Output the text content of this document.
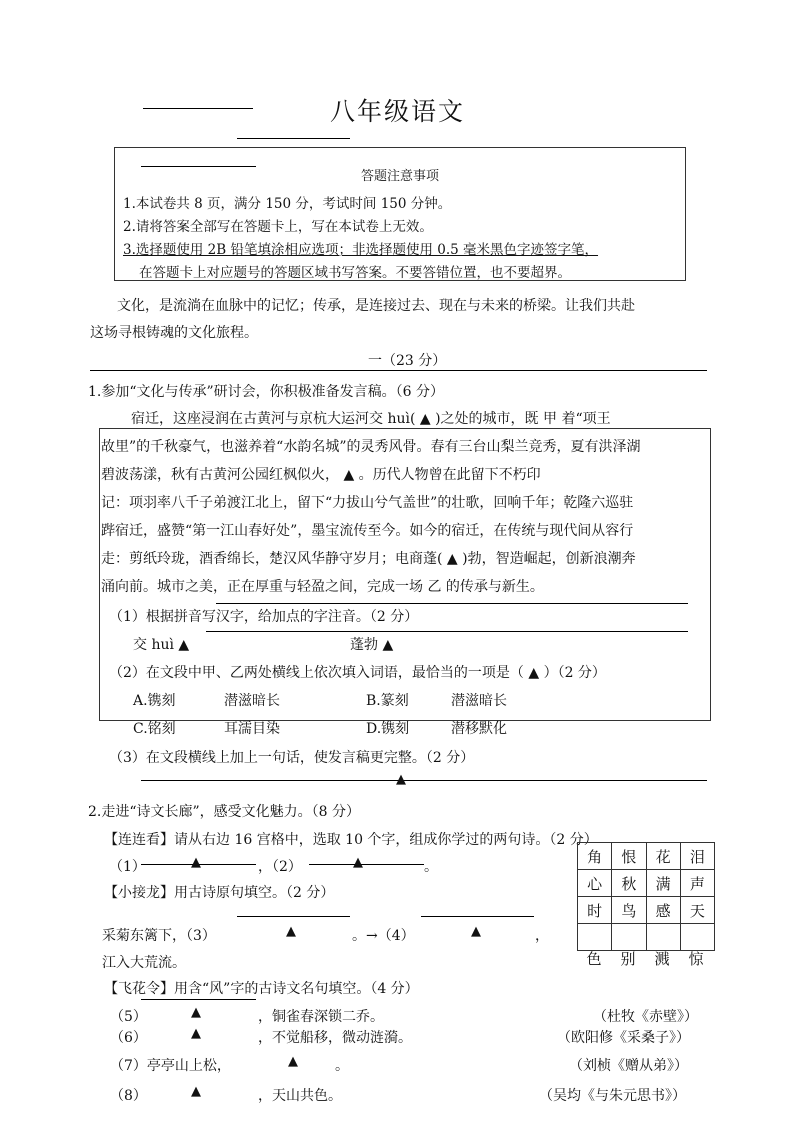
八年级语文
答题注意事项
1.本试卷共 8 页，满分 150 分，考试时间 150 分钟。
2.请将答案全部写在答题卡上，写在本试卷上无效。
3.选择题使用 2B 铅笔填涂相应选项；非选择题使用 0.5 毫米黑色字迹签字笔，
在答题卡上对应题号的答题区域书写答案。不要答错位置，也不要超界。
文化，是流淌在血脉中的记忆；传承，是连接过去、现在与未来的桥梁。让我们共赴
这场寻根铸魂的文化旅程。
一（23 分）
1.参加“文化与传承”研讨会，你积极准备发言稿。（6 分）
宿迁，这座浸润在古黄河与京杭大运河交 huì( ▲ )之处的城市，既 甲 着“项王
故里”的千秋豪气，也滋养着“水韵名城”的灵秀风骨。春有三台山梨兰竞秀，夏有洪泽湖
碧波荡漾，秋有古黄河公园红枫似火， ▲ 。历代人物曾在此留下不朽印
记：项羽率八千子弟渡江北上，留下“力拔山兮气盖世”的壮歌，回响千年；乾隆六巡驻
跸宿迁，盛赞“第一江山春好处”，墨宝流传至今。如今的宿迁，在传统与现代间从容行
走：剪纸玲珑，酒香绵长，楚汉风华静守岁月；电商蓬( ▲ )勃，智造崛起，创新浪潮奔
涌向前。城市之美，正在厚重与轻盈之间，完成一场 乙 的传承与新生。
（1）根据拼音写汉字，给加点的字注音。（2 分）
交 huì ▲	蓬勃 ▲
（2）在文段中甲、乙两处横线上依次填入词语，最恰当的一项是（ ▲ ）（2 分）
A.镌刻	潜滋暗长	B.篆刻	潜滋暗长
C.铭刻	耳濡目染	D.镌刻	潜移默化
（3）在文段横线上加上一句话，使发言稿更完整。（2 分）
▲
2.走进“诗文长廊”，感受文化魅力。（8 分）
【连连看】请从右边 16 宫格中，选取 10 个字，组成你学过的两句诗。（2 分）
（1）	▲	，（2）	▲	。
【小接龙】用古诗原句填空。（2 分）
采菊东篱下，（3）	▲	。→（4）	▲	，
江入大荒流。
角	恨	花	泪
心	秋	满	声
时	鸟	感	天

色	别	溅	惊
【飞花令】用含“风”字的古诗文名句填空。（4 分）
（5）	▲	，铜雀春深锁二乔。	（杜牧《赤壁》）
（6）	▲	，不觉船移，微动涟漪。	（欧阳修《采桑子》）
（7）亭亭山上松，	▲	。	（刘桢《赠从弟》）
（8）	▲	，天山共色。	（吴均《与朱元思书》）
